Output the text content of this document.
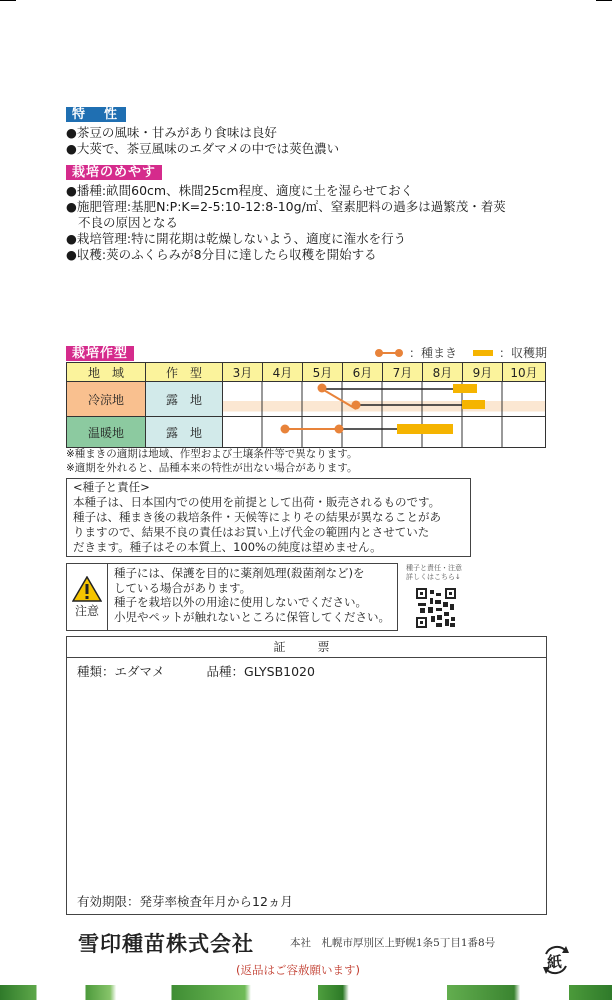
特　性
●茶豆の風味・甘みがあり食味は良好
●大莢で、茶豆風味のエダマメの中では莢色濃い
栽培のめやす
●播種:畝間60cm、株間25cm程度、適度に土を湿らせておく
●施肥管理:基肥N:P:K=2-5:10-12:8-10g/㎡、窒素肥料の過多は過繁茂・着莢
不良の原因となる
●栽培管理:特に開花期は乾燥しないよう、適度に潅水を行う
●収穫:莢のふくらみが8分目に達したら収穫を開始する
栽培作型	：種まき	：収穫期
地　域	作　型	3月	4月	5月	6月	7月	8月	9月	10月
冷涼地	露　地								
温暖地	露　地								
※種まきの適期は地域、作型および土壌条件等で異なります。
※適期を外れると、品種本来の特性が出ない場合があります。
<種子と責任>
本種子は、日本国内での使用を前提として出荷・販売されるものです。
種子は、種まき後の栽培条件・天候等によりその結果が異なることがあ
りますので、結果不良の責任はお買い上げ代金の範囲内とさせていた
だきます。種子はその本質上、100%の純度は望めません。
注意
種子には、保護を目的に薬剤処理(殺菌剤など)を
している場合があります。
種子を栽培以外の用途に使用しないでください。
小児やペットが触れないところに保管してください。
種子と責任・注意
詳しくはこちら↓
証　票
種類：エダマメ	品種：GLYSB1020
有効期限：発芽率検査年月から12ヵ月
雪印種苗株式会社	本社　札幌市厚別区上野幌1条5丁目1番8号
(返品はご容赦願います)	紙
